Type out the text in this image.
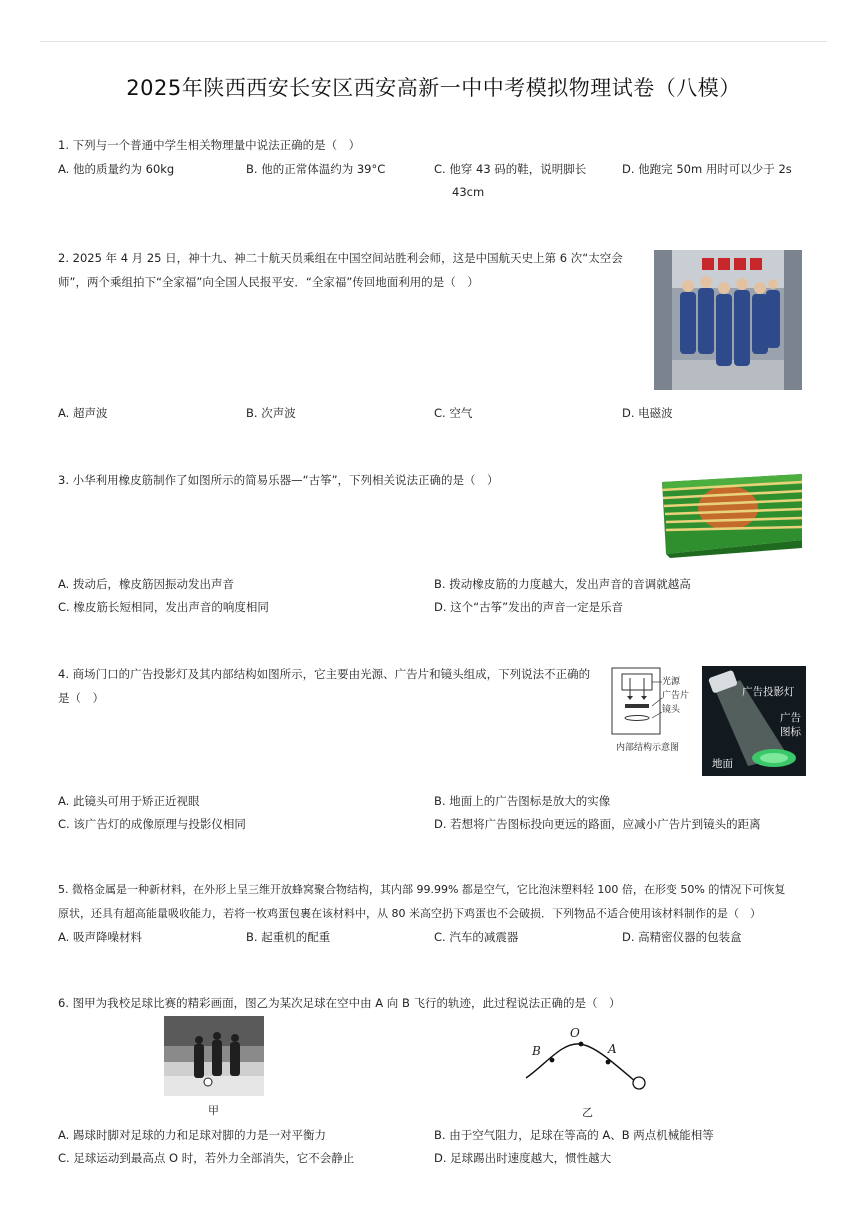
2025年陕西西安长安区西安高新一中中考模拟物理试卷（八模）
1. 下列与一个普通中学生相关物理量中说法正确的是（　）
A. 他的质量约为 60kg	B. 他的正常体温约为 39°C	C. 他穿 43 码的鞋，说明脚长
43cm
D. 他跑完 50m 用时可以少于 2s
2. 2025 年 4 月 25 日，神十九、神二十航天员乘组在中国空间站胜利会师，这是中国航天史上第 6 次“太空会
师”，两个乘组拍下“全家福”向全国人民报平安．“全家福”传回地面利用的是（　）
A. 超声波	B. 次声波	C. 空气	D. 电磁波
3. 小华利用橡皮筋制作了如图所示的简易乐器—“古筝”，下列相关说法正确的是（　）
A. 拨动后，橡皮筋因振动发出声音	B. 拨动橡皮筋的力度越大，发出声音的音调就越高
C. 橡皮筋长短相同，发出声音的响度相同	D. 这个“古筝”发出的声音一定是乐音
4. 商场门口的广告投影灯及其内部结构如图所示，它主要由光源、广告片和镜头组成，下列说法不正确的
是（　）
光源
广告片
镜头
内部结构示意图
广告投影灯
广告
图标
地面
A. 此镜头可用于矫正近视眼	B. 地面上的广告图标是放大的实像
C. 该广告灯的成像原理与投影仪相同	D. 若想将广告图标投向更远的路面，应减小广告片到镜头的距离
5. 微格金属是一种新材料，在外形上呈三维开放蜂窝聚合物结构，其内部 99.99% 都是空气，它比泡沫塑料轻 100 倍，在形变 50% 的情况下可恢复
原状，还具有超高能量吸收能力，若将一枚鸡蛋包裹在该材料中，从 80 米高空扔下鸡蛋也不会破损．下列物品不适合使用该材料制作的是（　）
A. 吸声降噪材料	B. 起重机的配重	C. 汽车的减震器	D. 高精密仪器的包装盒
6. 图甲为我校足球比赛的精彩画面，图乙为某次足球在空中由 A 向 B 飞行的轨迹，此过程说法正确的是（　）
甲
O
B	A
乙
A. 踢球时脚对足球的力和足球对脚的力是一对平衡力	B. 由于空气阻力，足球在等高的 A、B 两点机械能相等
C. 足球运动到最高点 O 时，若外力全部消失，它不会静止	D. 足球踢出时速度越大，惯性越大
